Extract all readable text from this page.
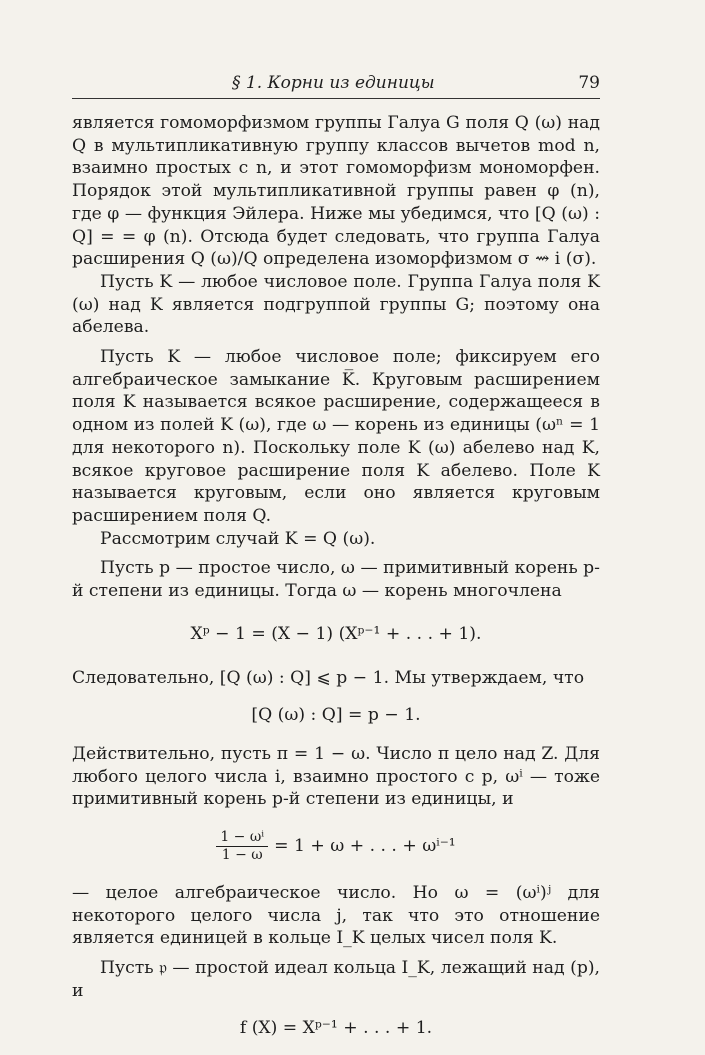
§ 1. Корни из единицы	79

является гомоморфизмом группы Галуа G поля Q (ω) над Q в мультипликативную группу классов вычетов mod n, взаимно простых с n, и этот гомоморфизм мономорфен. Порядок этой мультипликативной группы равен φ (n), где φ — функция Эйлера. Ниже мы убедимся, что [Q (ω) : Q] = = φ (n). Отсюда будет следовать, что группа Галуа расширения Q (ω)/Q определена изоморфизмом σ ⇝ i (σ).

Пусть K — любое числовое поле. Группа Галуа поля K (ω) над K является подгруппой группы G; поэтому она абелева.

Пусть K — любое числовое поле; фиксируем его алгебраическое замыкание K̅. Круговым расширением поля K называется всякое расширение, содержащееся в одном из полей K (ω), где ω — корень из единицы (ωⁿ = 1 для некоторого n). Поскольку поле K (ω) абелево над K, всякое круговое расширение поля K абелево. Поле K называется круговым, если оно является круговым расширением поля Q.

Рассмотрим случай K = Q (ω).

Пусть p — простое число, ω — примитивный корень p-й степени из единицы. Тогда ω — корень многочлена

Xᵖ − 1 = (X − 1) (Xᵖ⁻¹ + . . . + 1).

Следовательно, [Q (ω) : Q] ⩽ p − 1. Мы утверждаем, что

[Q (ω) : Q] = p − 1.

Действительно, пусть π = 1 − ω. Число π цело над Z. Для любого целого числа i, взаимно простого с p, ωⁱ — тоже примитивный корень p-й степени из единицы, и

$\frac{\text{1 − ωⁱ}}{1 - \omega} = 1 + \omega$ + . . . + ωⁱ⁻¹

— целое алгебраическое число. Но ω = (ωⁱ)ʲ для некоторого целого числа j, так что это отношение является единицей в кольце I_K целых чисел поля K.

Пусть 𝔭 — простой идеал кольца I_K, лежащий над (p), и

f (X) = Xᵖ⁻¹ + . . . + 1.
